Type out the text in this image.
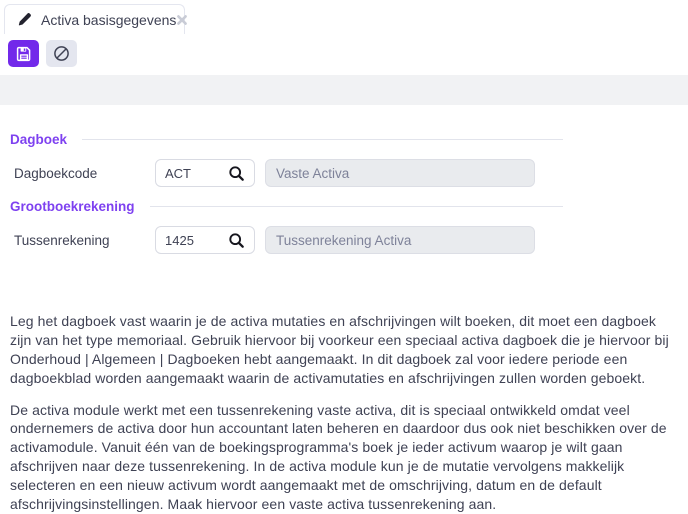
Activa basisgegevens
Dagboek
Dagboekcode
ACT
Vaste Activa
Grootboekrekening
Tussenrekening
1425
Tussenrekening Activa

Leg het dagboek vast waarin je de activa mutaties en afschrijvingen wilt boeken, dit moet een dagboek zijn van het type memoriaal. Gebruik hiervoor bij voorkeur een speciaal activa dagboek die je hiervoor bij Onderhoud | Algemeen | Dagboeken hebt aangemaakt. In dit dagboek zal voor iedere periode een dagboekblad worden aangemaakt waarin de activamutaties en afschrijvingen zullen worden geboekt.

De activa module werkt met een tussenrekening vaste activa, dit is speciaal ontwikkeld omdat veel ondernemers de activa door hun accountant laten beheren en daardoor dus ook niet beschikken over de activamodule. Vanuit één van de boekingsprogramma's boek je ieder activum waarop je wilt gaan afschrijven naar deze tussenrekening. In de activa module kun je de mutatie vervolgens makkelijk selecteren en een nieuw activum wordt aangemaakt met de omschrijving, datum en de default afschrijvingsinstellingen. Maak hiervoor een vaste activa tussenrekening aan.
